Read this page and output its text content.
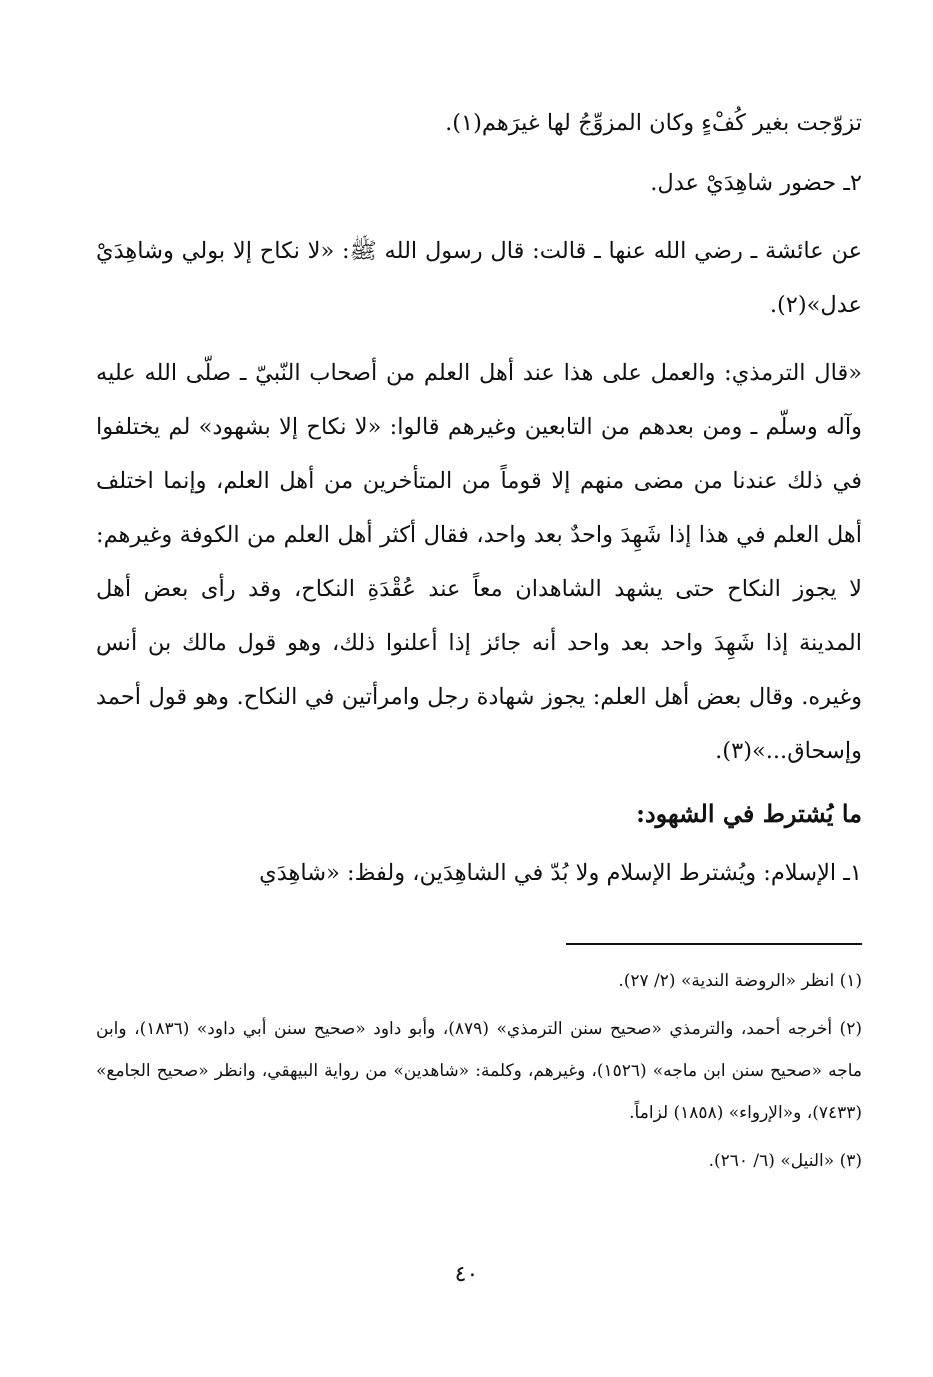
تزوّجت بغير كُفْءٍ وكان المزوِّجُ لها غيرَهم(١).

٢ـ حضور شاهِدَيْ عدل.

عن عائشة ـ رضي الله عنها ـ قالت: قال رسول الله ﷺ: «لا نكاح إلا بولي وشاهِدَيْ عدل»(٢).

«قال الترمذي: والعمل على هذا عند أهل العلم من أصحاب النّبيّ ـ صلّى الله عليه وآله وسلّم ـ ومن بعدهم من التابعين وغيرهم قالوا: «لا نكاح إلا بشهود» لم يختلفوا في ذلك عندنا من مضى منهم إلا قوماً من المتأخرين من أهل العلم، وإنما اختلف أهل العلم في هذا إذا شَهِدَ واحدٌ بعد واحد، فقال أكثر أهل العلم من الكوفة وغيرهم: لا يجوز النكاح حتى يشهد الشاهدان معاً عند عُقْدَةِ النكاح، وقد رأى بعض أهل المدينة إذا شَهِدَ واحد بعد واحد أنه جائز إذا أعلنوا ذلك، وهو قول مالك بن أنس وغيره. وقال بعض أهل العلم: يجوز شهادة رجل وامرأتين في النكاح. وهو قول أحمد وإسحاق...»(٣).

ما يُشترط في الشهود:

١ـ الإسلام: ويُشترط الإسلام ولا بُدّ في الشاهِدَين، ولفظ: «شاهِدَي

(١) انظر «الروضة الندية» (٢/ ٢٧).

(٢) أخرجه أحمد، والترمذي «صحيح سنن الترمذي» (٨٧٩)، وأبو داود «صحيح سنن أبي داود» (١٨٣٦)، وابن ماجه «صحيح سنن ابن ماجه» (١٥٢٦)، وغيرهم، وكلمة: «شاهدين» من رواية البيهقي، وانظر «صحيح الجامع» (٧٤٣٣)، و«الإرواء» (١٨٥٨) لزاماً.

(٣) «النيل» (٦/ ٢٦٠).

٤٠
